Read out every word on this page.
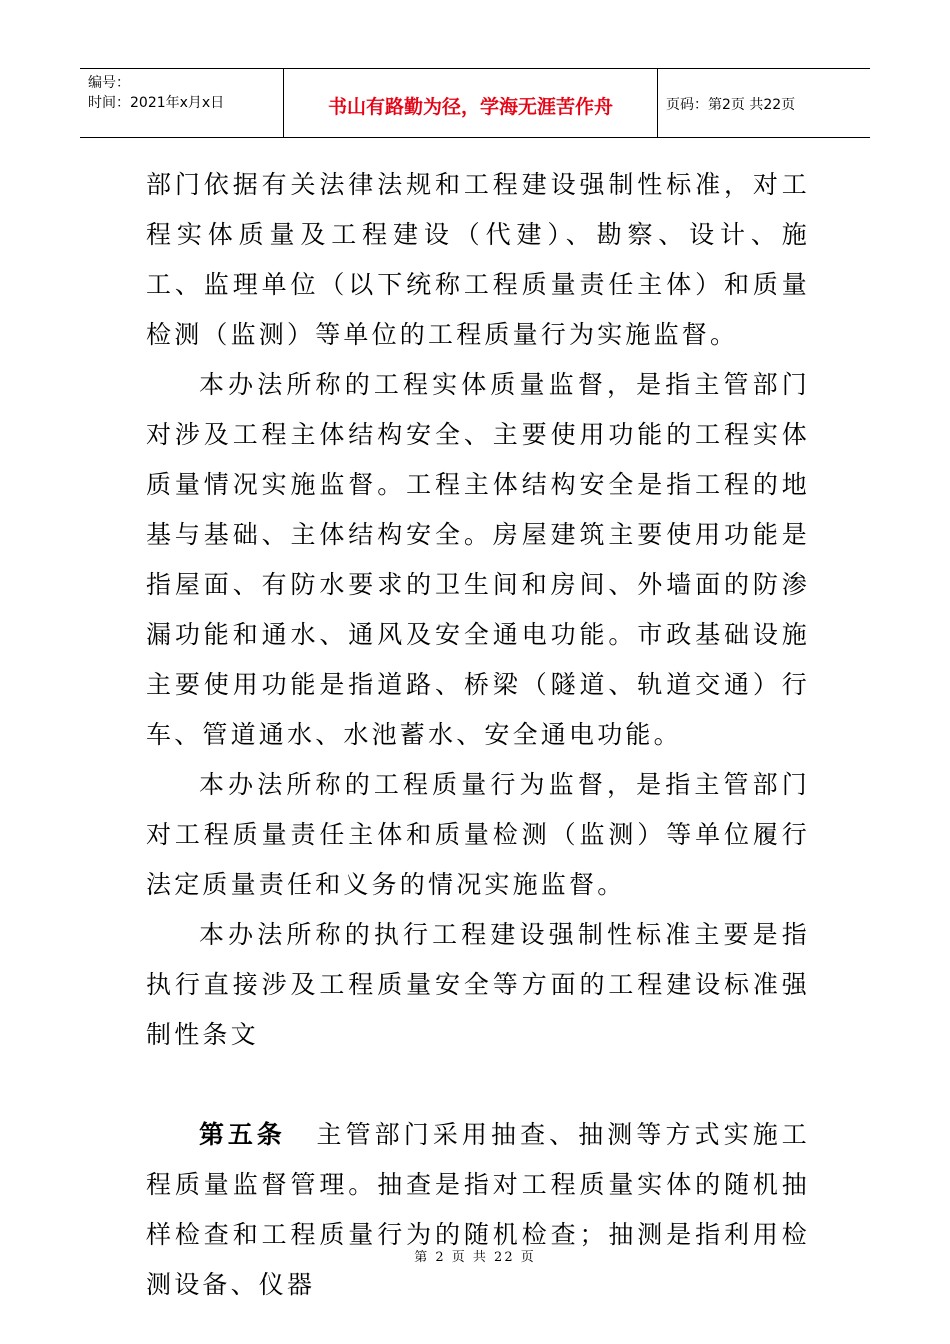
编号：
时间：2021年x月x日	书山有路勤为径，学海无涯苦作舟	页码：第2页 共22页

部门依据有关法律法规和工程建设强制性标准，对工程实体质量及工程建设（代建）、勘察、设计、施工、监理单位（以下统称工程质量责任主体）和质量检测（监测）等单位的工程质量行为实施监督。

本办法所称的工程实体质量监督，是指主管部门对涉及工程主体结构安全、主要使用功能的工程实体质量情况实施监督。工程主体结构安全是指工程的地基与基础、主体结构安全。房屋建筑主要使用功能是指屋面、有防水要求的卫生间和房间、外墙面的防渗漏功能和通水、通风及安全通电功能。市政基础设施主要使用功能是指道路、桥梁（隧道、轨道交通）行车、管道通水、水池蓄水、安全通电功能。

本办法所称的工程质量行为监督，是指主管部门对工程质量责任主体和质量检测（监测）等单位履行法定质量责任和义务的情况实施监督。

本办法所称的执行工程建设强制性标准主要是指执行直接涉及工程质量安全等方面的工程建设标准强制性条文

第五条 主管部门采用抽查、抽测等方式实施工程质量监督管理。抽查是指对工程质量实体的随机抽样检查和工程质量行为的随机检查；抽测是指利用检测设备、仪器

第 2 页 共 22 页
